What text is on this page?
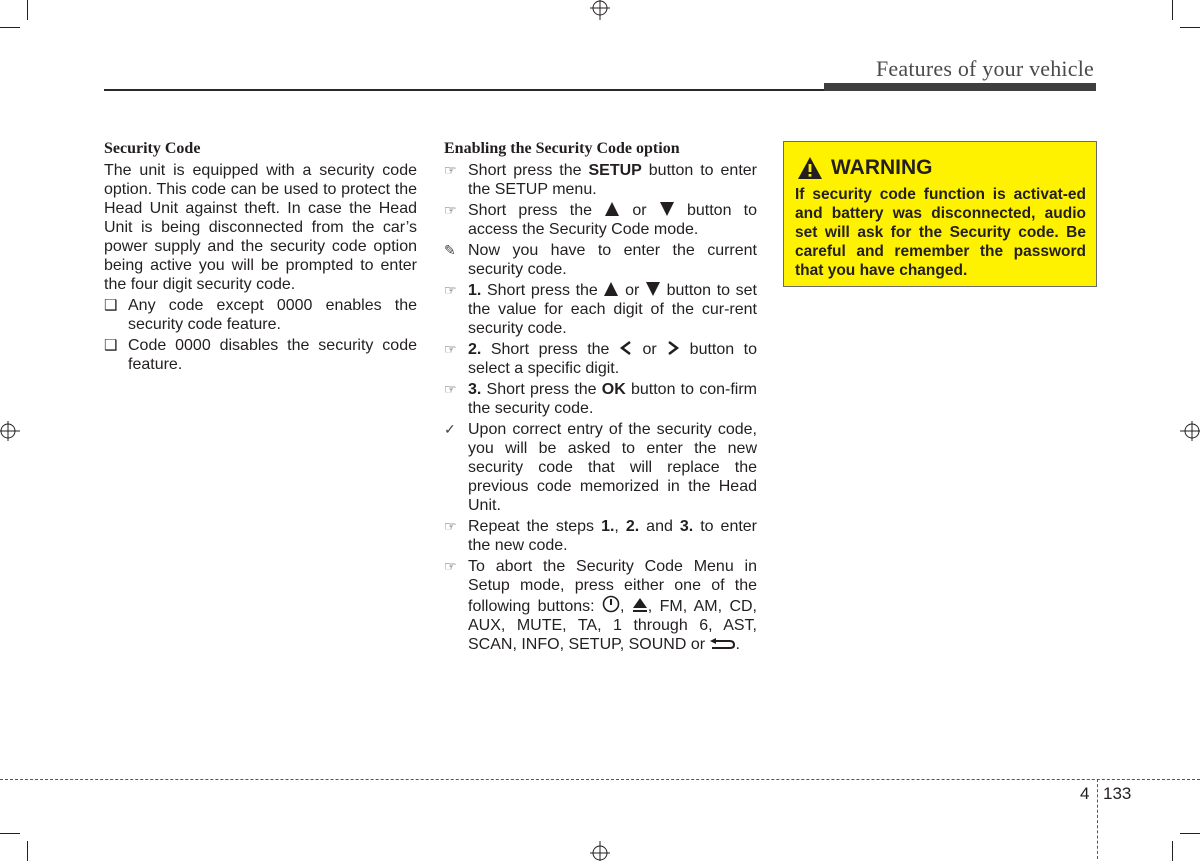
Features of your vehicle
Security Code
The unit is equipped with a security code option. This code can be used to protect the Head Unit against theft. In case the Head Unit is being disconnected from the car’s power supply and the security code option being active you will be prompted to enter the four digit security code.
❑ Any code except 0000 enables the security code feature.
❑ Code 0000 disables the security code feature.
Enabling the Security Code option
☞ Short press the SETUP button to enter the SETUP menu.
☞ Short press the  or  button to access the Security Code mode.
✎ Now you have to enter the current security code.
☞ 1. Short press the  or  button to set the value for each digit of the cur-rent security code.
☞ 2. Short press the  or  button to select a specific digit.
☞ 3. Short press the OK button to con-firm the security code.
✓ Upon correct entry of the security code, you will be asked to enter the new security code that will replace the previous code memorized in the Head Unit.
☞ Repeat the steps 1., 2. and 3. to enter the new code.
☞ To abort the Security Code Menu in Setup mode, press either one of the following buttons: , , FM, AM, CD, AUX, MUTE, TA, 1 through 6, AST, SCAN, INFO, SETUP, SOUND or .
WARNING
If security code function is activat-ed and battery was disconnected, audio set will ask for the Security code. Be careful and remember the password that you have changed.
4 133
